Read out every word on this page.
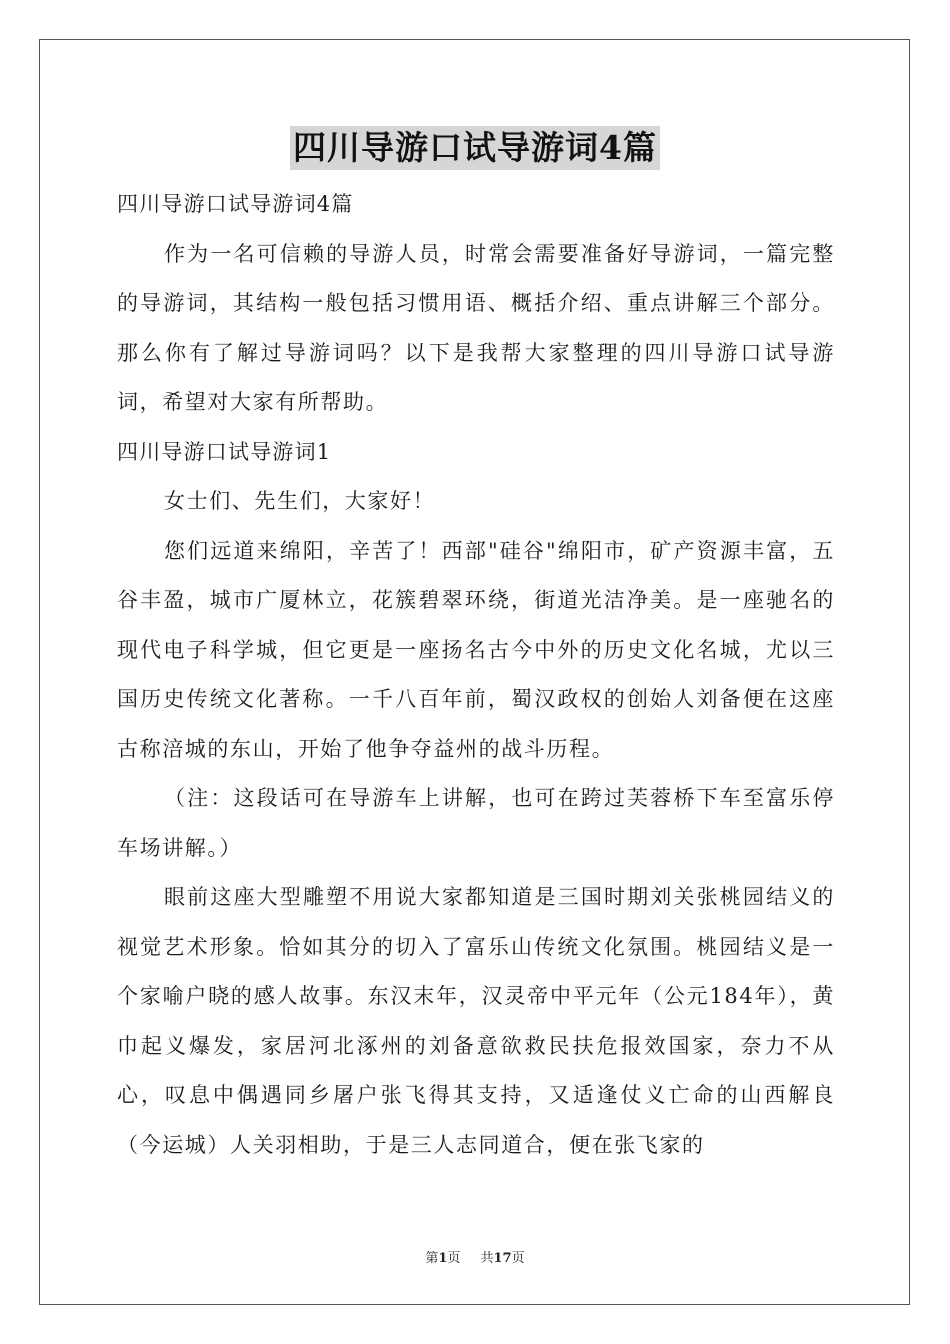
四川导游口试导游词4篇

四川导游口试导游词4篇

作为一名可信赖的导游人员，时常会需要准备好导游词，一篇完整的导游词，其结构一般包括习惯用语、概括介绍、重点讲解三个部分。那么你有了解过导游词吗？以下是我帮大家整理的四川导游口试导游词，希望对大家有所帮助。

四川导游口试导游词1

女士们、先生们，大家好！

您们远道来绵阳，辛苦了！西部"硅谷"绵阳市，矿产资源丰富，五谷丰盈，城市广厦林立，花簇碧翠环绕，街道光洁净美。是一座驰名的现代电子科学城，但它更是一座扬名古今中外的历史文化名城，尤以三国历史传统文化著称。一千八百年前，蜀汉政权的创始人刘备便在这座古称涪城的东山，开始了他争夺益州的战斗历程。

（注：这段话可在导游车上讲解，也可在跨过芙蓉桥下车至富乐停车场讲解。）

眼前这座大型雕塑不用说大家都知道是三国时期刘关张桃园结义的视觉艺术形象。恰如其分的切入了富乐山传统文化氛围。桃园结义是一个家喻户晓的感人故事。东汉末年，汉灵帝中平元年（公元184年），黄巾起义爆发，家居河北涿州的刘备意欲救民扶危报效国家，奈力不从心，叹息中偶遇同乡屠户张飞得其支持，又适逢仗义亡命的山西解良（今运城）人关羽相助，于是三人志同道合，便在张飞家的

第1页 共17页
